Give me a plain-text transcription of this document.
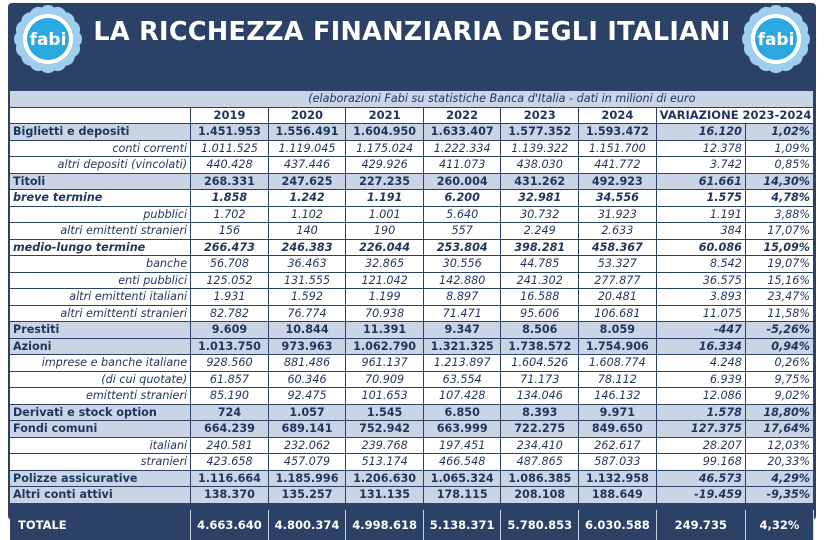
fabi	LA RICCHEZZA FINANZIARIA DEGLI ITALIANI	fabi
	(elaborazioni Fabi su statistiche Banca d'Italia - dati in milioni di euro							
	2019	2020	2021	2022	2023	2024	VARIAZIONE 2023-2024	
Biglietti e depositi	1.451.953	1.556.491	1.604.950	1.633.407	1.577.352	1.593.472	16.120	1,02%
conti correnti	1.011.525	1.119.045	1.175.024	1.222.334	1.139.322	1.151.700	12.378	1,09%
altri depositi (vincolati)	440.428	437.446	429.926	411.073	438.030	441.772	3.742	0,85%
Titoli	268.331	247.625	227.235	260.004	431.262	492.923	61.661	14,30%
breve termine	1.858	1.242	1.191	6.200	32.981	34.556	1.575	4,78%
pubblici	1.702	1.102	1.001	5.640	30.732	31.923	1.191	3,88%
altri emittenti stranieri	156	140	190	557	2.249	2.633	384	17,07%
medio-lungo termine	266.473	246.383	226.044	253.804	398.281	458.367	60.086	15,09%
banche	56.708	36.463	32.865	30.556	44.785	53.327	8.542	19,07%
enti pubblici	125.052	131.555	121.042	142.880	241.302	277.877	36.575	15,16%
altri emittenti italiani	1.931	1.592	1.199	8.897	16.588	20.481	3.893	23,47%
altri emittenti stranieri	82.782	76.774	70.938	71.471	95.606	106.681	11.075	11,58%
Prestiti	9.609	10.844	11.391	9.347	8.506	8.059	-447	-5,26%
Azioni	1.013.750	973.963	1.062.790	1.321.325	1.738.572	1.754.906	16.334	0,94%
imprese e banche italiane	928.560	881.486	961.137	1.213.897	1.604.526	1.608.774	4.248	0,26%
(di cui quotate)	61.857	60.346	70.909	63.554	71.173	78.112	6.939	9,75%
emittenti stranieri	85.190	92.475	101.653	107.428	134.046	146.132	12.086	9,02%
Derivati e stock option	724	1.057	1.545	6.850	8.393	9.971	1.578	18,80%
Fondi comuni	664.239	689.141	752.942	663.999	722.275	849.650	127.375	17,64%
italiani	240.581	232.062	239.768	197.451	234.410	262.617	28.207	12,03%
stranieri	423.658	457.079	513.174	466.548	487.865	587.033	99.168	20,33%
Polizze assicurative	1.116.664	1.185.996	1.206.630	1.065.324	1.086.385	1.132.958	46.573	4,29%
Altri conti attivi	138.370	135.257	131.135	178.115	208.108	188.649	-19.459	-9,35%

TOTALE	4.663.640	4.800.374	4.998.618	5.138.371	5.780.853	6.030.588	249.735	4,32%
